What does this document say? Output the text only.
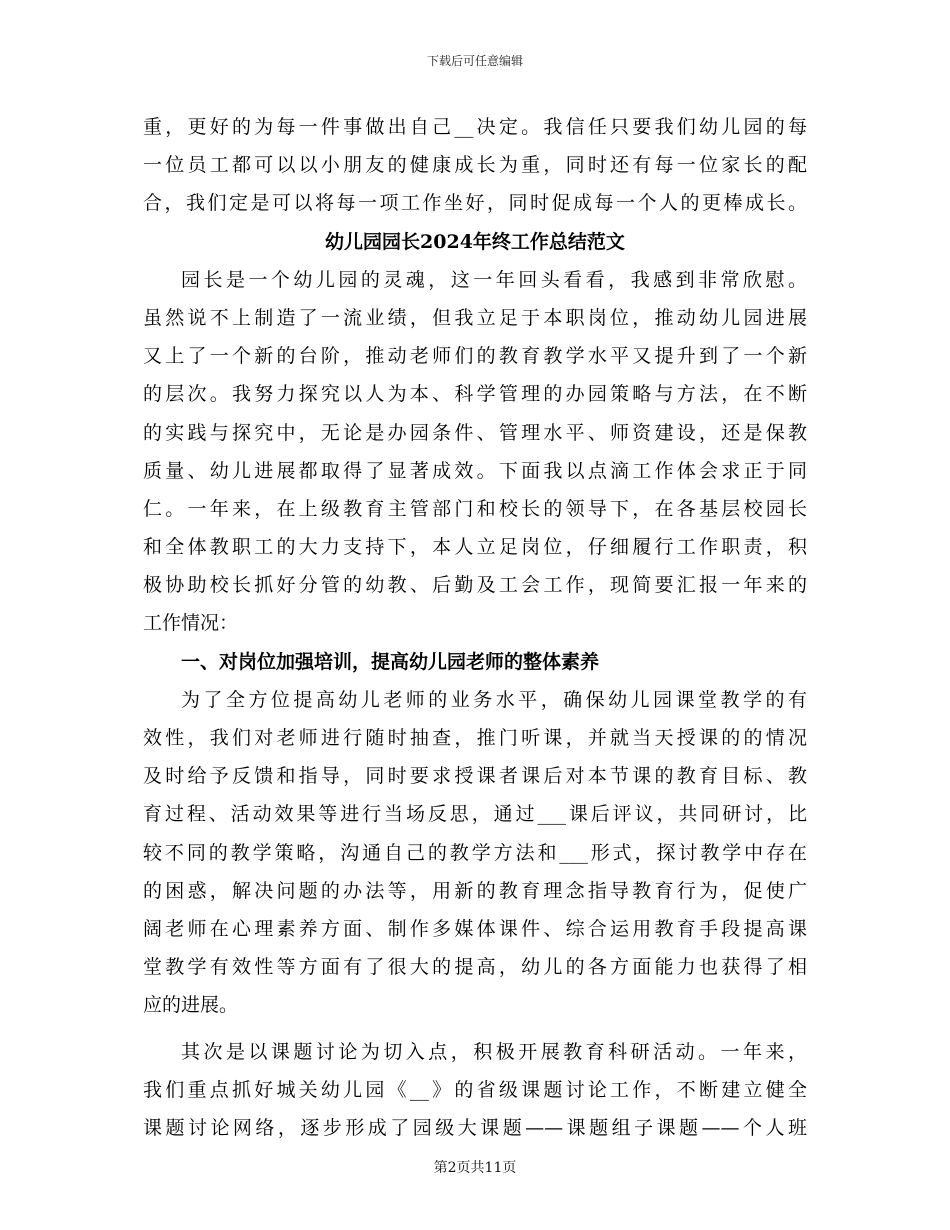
下载后可任意编辑
重，更好的为每一件事做出自己__决定。我信任只要我们幼儿园的每
一位员工都可以以小朋友的健康成长为重，同时还有每一位家长的配
合，我们定是可以将每一项工作坐好，同时促成每一个人的更棒成长。
幼儿园园长2024年终工作总结范文
园长是一个幼儿园的灵魂，这一年回头看看，我感到非常欣慰。
虽然说不上制造了一流业绩，但我立足于本职岗位，推动幼儿园进展
又上了一个新的台阶，推动老师们的教育教学水平又提升到了一个新
的层次。我努力探究以人为本、科学管理的办园策略与方法，在不断
的实践与探究中，无论是办园条件、管理水平、师资建设，还是保教
质量、幼儿进展都取得了显著成效。下面我以点滴工作体会求正于同
仁。一年来，在上级教育主管部门和校长的领导下，在各基层校园长
和全体教职工的大力支持下，本人立足岗位，仔细履行工作职责，积
极协助校长抓好分管的幼教、后勤及工会工作，现简要汇报一年来的
工作情况：
一、对岗位加强培训，提高幼儿园老师的整体素养
为了全方位提高幼儿老师的业务水平，确保幼儿园课堂教学的有
效性，我们对老师进行随时抽查，推门听课，并就当天授课的的情况
及时给予反馈和指导，同时要求授课者课后对本节课的教育目标、教
育过程、活动效果等进行当场反思，通过___课后评议，共同研讨，比
较不同的教学策略，沟通自己的教学方法和___形式，探讨教学中存在
的困惑，解决问题的办法等，用新的教育理念指导教育行为，促使广
阔老师在心理素养方面、制作多媒体课件、综合运用教育手段提高课
堂教学有效性等方面有了很大的提高，幼儿的各方面能力也获得了相
应的进展。
其次是以课题讨论为切入点，积极开展教育科研活动。一年来，
我们重点抓好城关幼儿园《__》的省级课题讨论工作，不断建立健全
课题讨论网络，逐步形成了园级大课题——课题组子课题——个人班
第2页共11页
